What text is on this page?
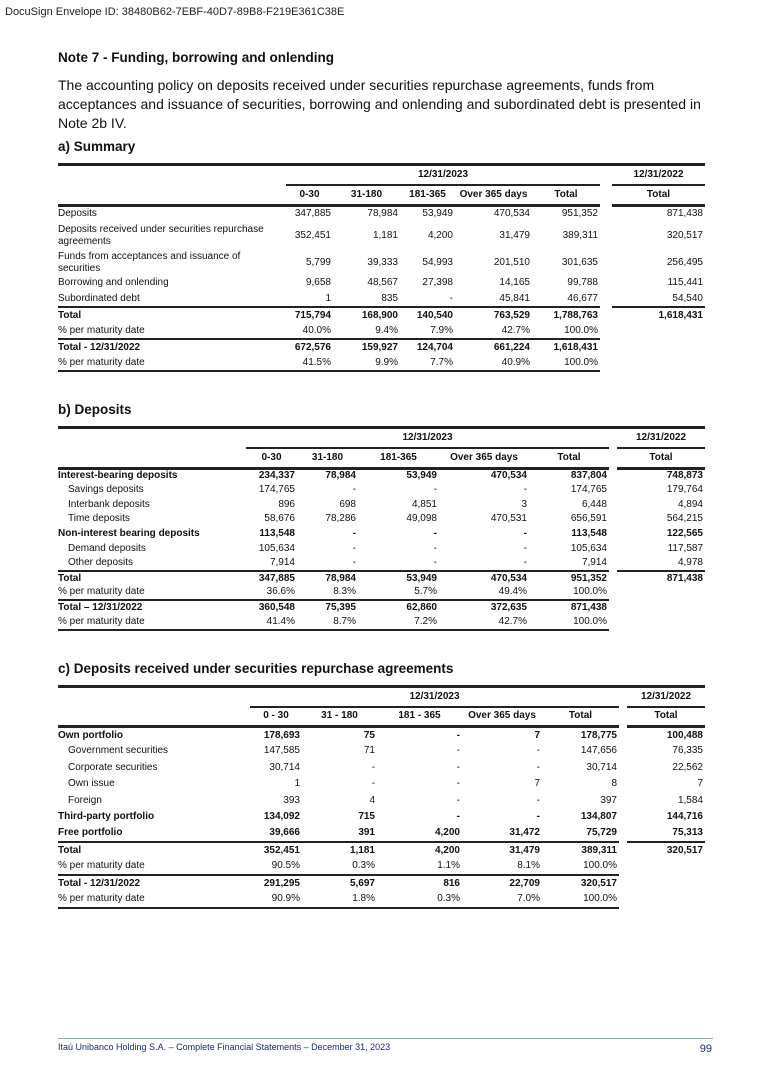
DocuSign Envelope ID: 38480B62-7EBF-40D7-89B8-F219E361C38E
Note 7 - Funding, borrowing and onlending
The accounting policy on deposits received under securities repurchase agreements, funds from acceptances and issuance of securities, borrowing and onlending and subordinated debt is presented in Note 2b IV.
a) Summary
	12/31/2023						12/31/2022
	0-30	31-180	181-365	Over 365 days	Total		Total
Deposits	347,885	78,984	53,949	470,534	951,352		871,438
Deposits received under securities repurchase agreements	352,451	1,181	4,200	31,479	389,311		320,517
Funds from acceptances and issuance of securities	5,799	39,333	54,993	201,510	301,635		256,495
Borrowing and onlending	9,658	48,567	27,398	14,165	99,788		115,441
Subordinated debt	1	835	-	45,841	46,677		54,540
Total	715,794	168,900	140,540	763,529	1,788,763		1,618,431
% per maturity date	40.0%	9.4%	7.9%	42.7%	100.0%		
Total - 12/31/2022	672,576	159,927	124,704	661,224	1,618,431		
% per maturity date	41.5%	9.9%	7.7%	40.9%	100.0%		
b) Deposits
	12/31/2023						12/31/2022
	0-30	31-180	181-365	Over 365 days	Total		Total
Interest-bearing deposits	234,337	78,984	53,949	470,534	837,804		748,873
Savings deposits	174,765	-	-	-	174,765		179,764
Interbank deposits	896	698	4,851	3	6,448		4,894
Time deposits	58,676	78,286	49,098	470,531	656,591		564,215
Non-interest bearing deposits	113,548	-	-	-	113,548		122,565
Demand deposits	105,634	-	-	-	105,634		117,587
Other deposits	7,914	-	-	-	7,914		4,978
Total	347,885	78,984	53,949	470,534	951,352		871,438
% per maturity date	36.6%	8.3%	5.7%	49.4%	100.0%		
Total – 12/31/2022	360,548	75,395	62,860	372,635	871,438		
% per maturity date	41.4%	8.7%	7.2%	42.7%	100.0%		
c) Deposits received under securities repurchase agreements
	12/31/2023						12/31/2022
	0 - 30	31 - 180	181 - 365	Over 365 days	Total		Total
Own portfolio	178,693	75	-	7	178,775		100,488
Government securities	147,585	71	-	-	147,656		76,335
Corporate securities	30,714	-	-	-	30,714		22,562
Own issue	1	-	-	7	8		7
Foreign	393	4	-	-	397		1,584
Third-party portfolio	134,092	715	-	-	134,807		144,716
Free portfolio	39,666	391	4,200	31,472	75,729		75,313
Total	352,451	1,181	4,200	31,479	389,311		320,517
% per maturity date	90.5%	0.3%	1.1%	8.1%	100.0%		
Total - 12/31/2022	291,295	5,697	816	22,709	320,517		
% per maturity date	90.9%	1.8%	0.3%	7.0%	100.0%		
Itaú Unibanco Holding S.A. – Complete Financial Statements – December 31, 2023	99
